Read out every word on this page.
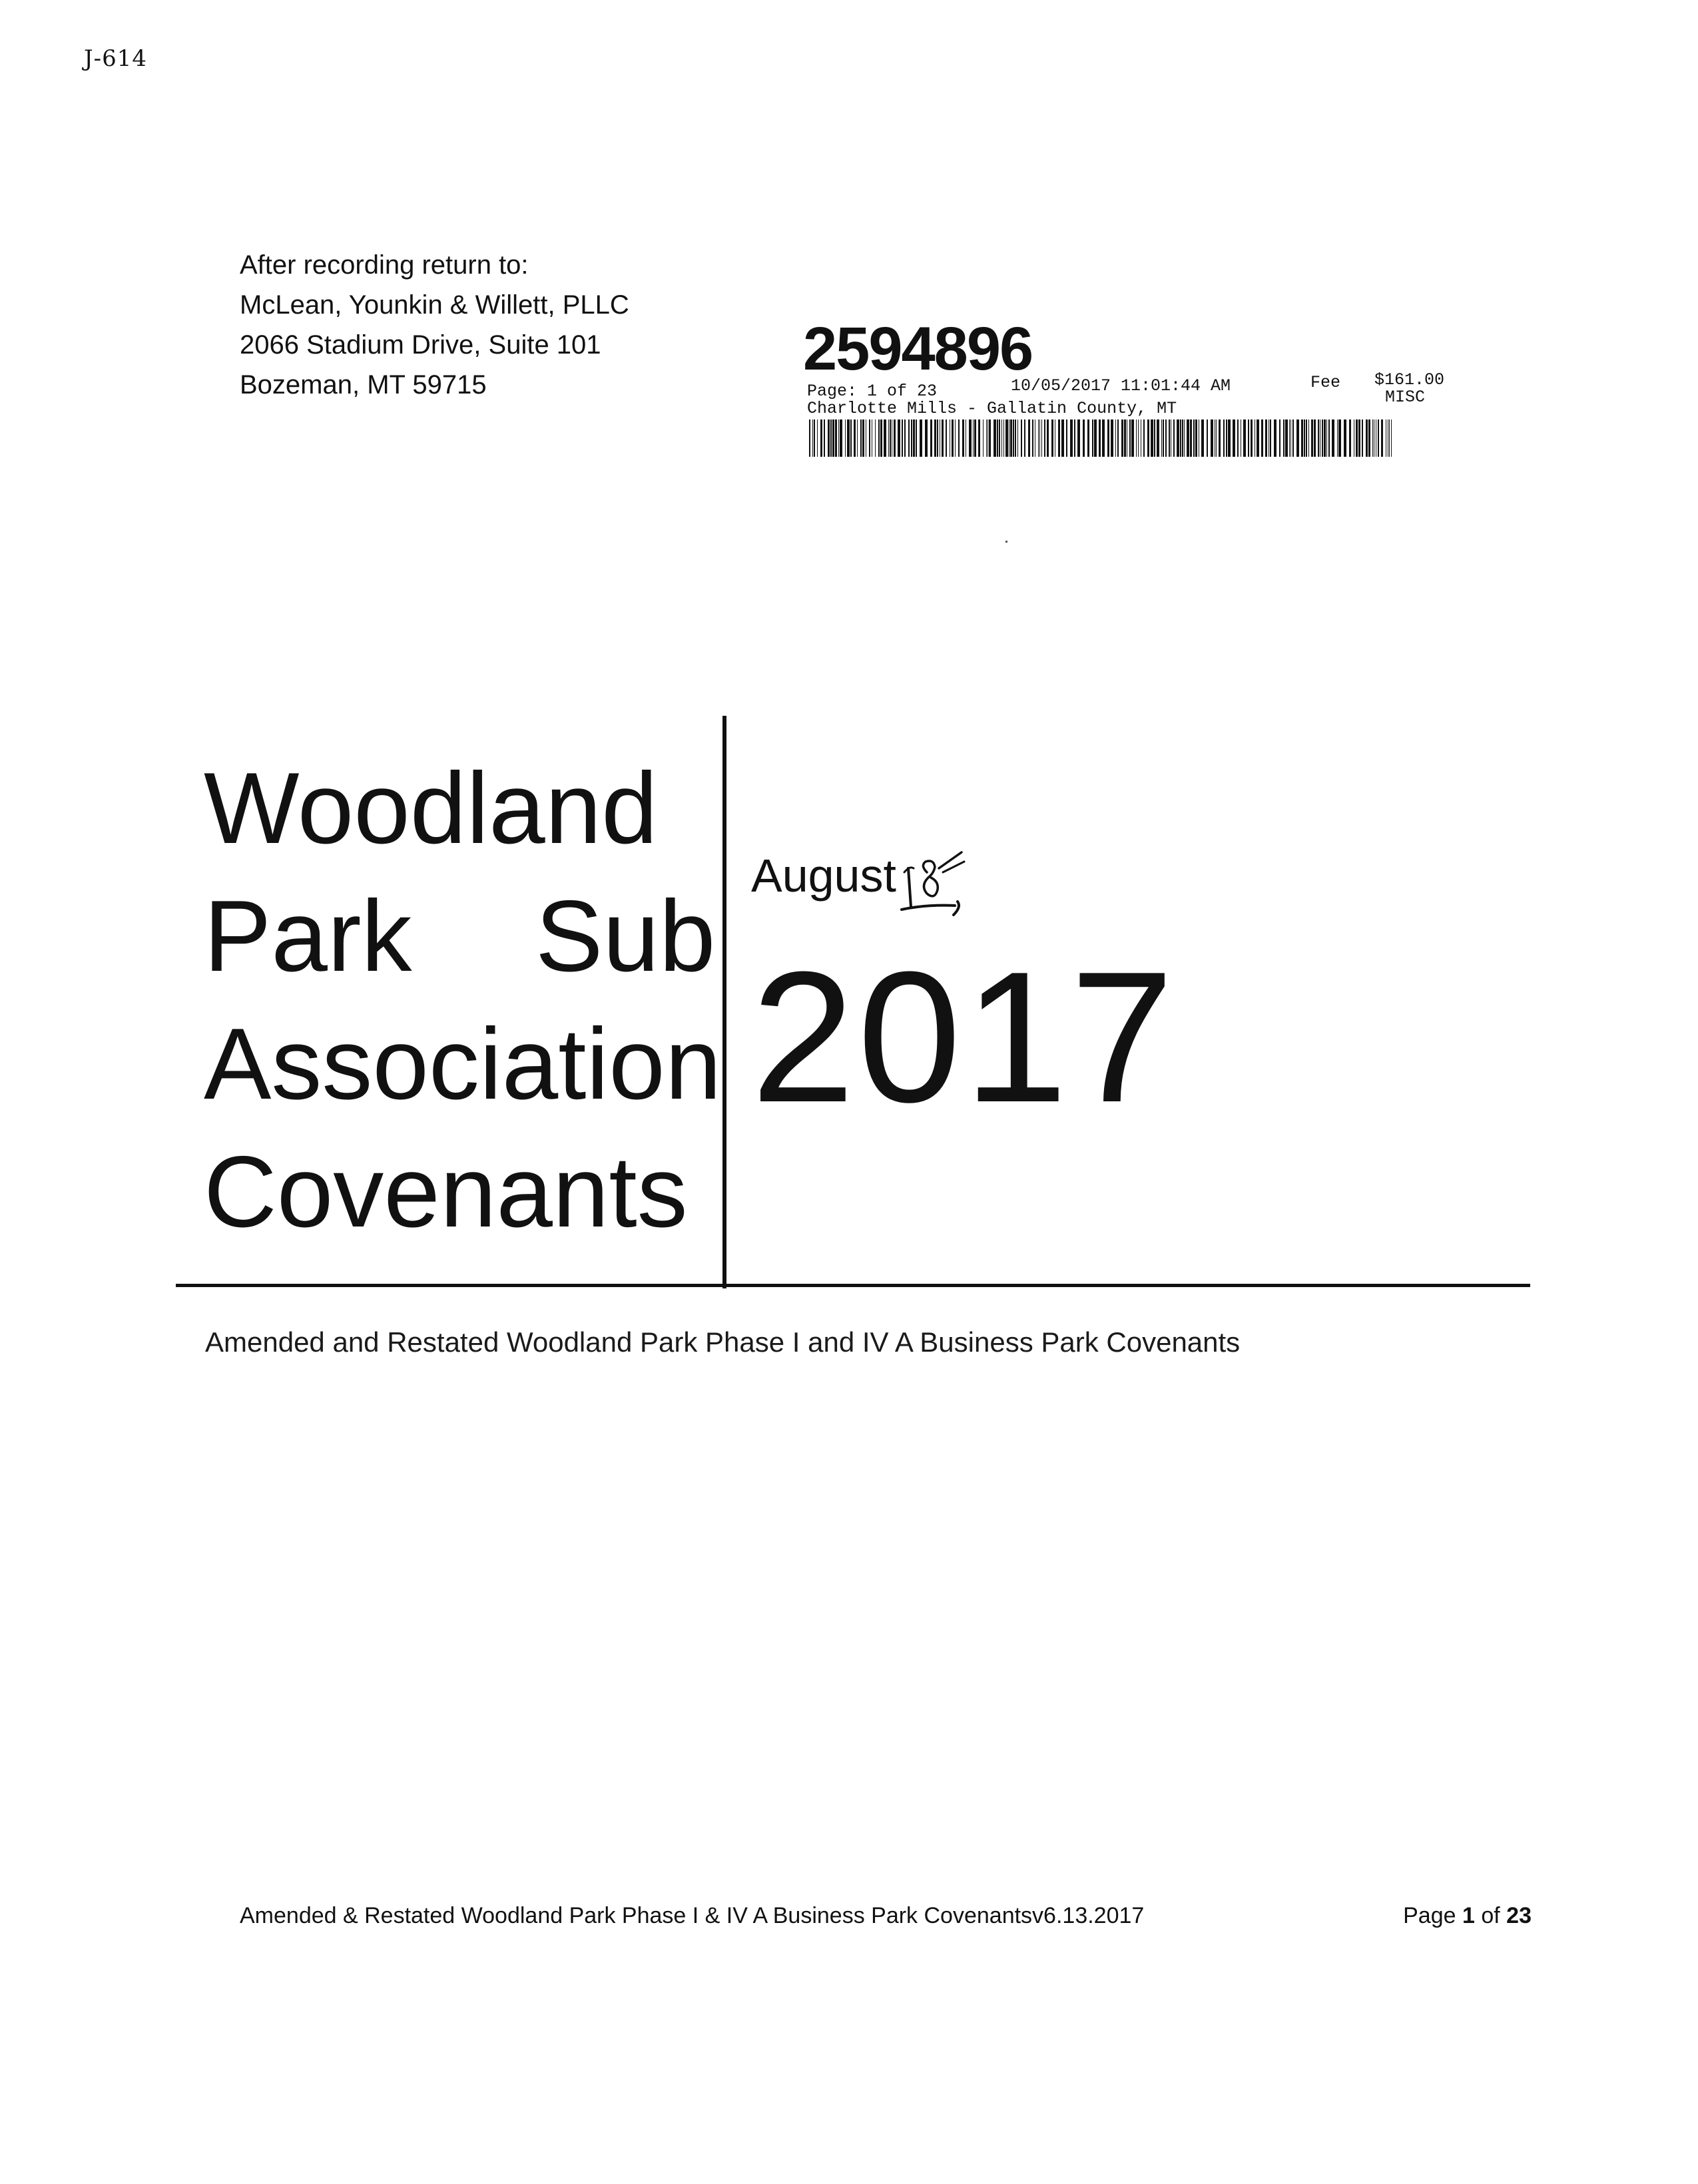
J-614
After recording return to:
McLean, Younkin & Willett, PLLC
2066 Stadium Drive, Suite 101
Bozeman, MT 59715
2594896
Page: 1 of 23	10/05/2017 11:01:44 AM	Fee $161.00
MISC
Charlotte Mills - Gallatin County, MT
Woodland
Park Sub
Association
Covenants
August
2017
Amended and Restated Woodland Park Phase I and IV A Business Park Covenants
Amended & Restated Woodland Park Phase I & IV A Business Park Covenantsv6.13.2017	Page 1 of 23
